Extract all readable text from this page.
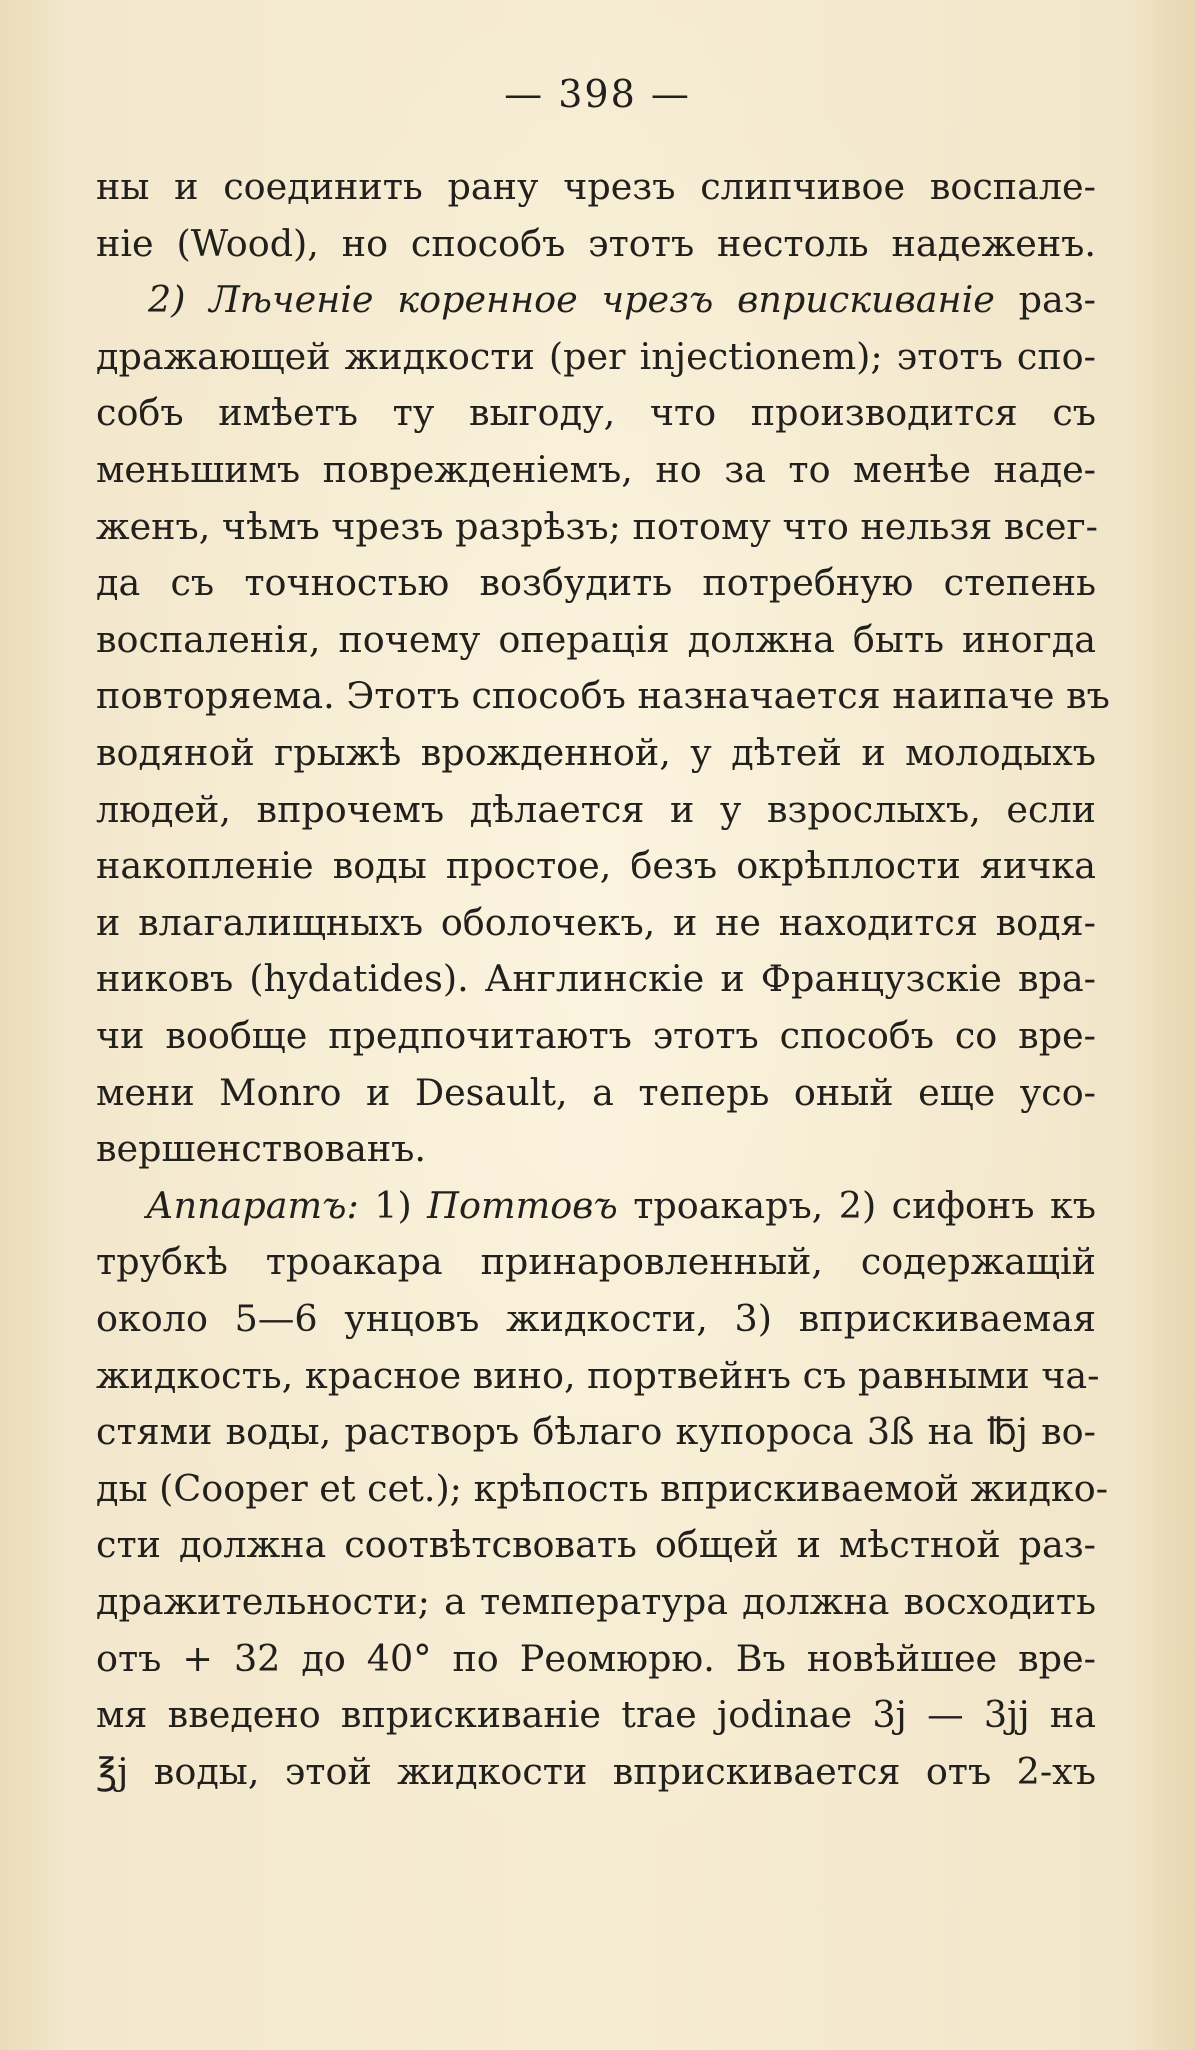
— 398 —
ны и соединить рану чрезъ слипчивое воспале-
ніе (Wood), но способъ этотъ нестоль надеженъ.
2) Лѣченіе коренное чрезъ вприскиваніе раз-
дражающей жидкости (per injectionem); этотъ спо-
собъ имѣетъ ту выгоду, что производится съ
меньшимъ поврежденіемъ, но за то менѣе наде-
женъ, чѣмъ чрезъ разрѣзъ; потому что нельзя всег-
да съ точностью возбудить потребную степень
воспаленія, почему операція должна быть иногда
повторяема. Этотъ способъ назначается наипаче въ
водяной грыжѣ врожденной, у дѣтей и молодыхъ
людей, впрочемъ дѣлается и у взрослыхъ, если
накопленіе воды простое, безъ окрѣплости яичка
и влагалищныхъ оболочекъ, и не находится водя-
никовъ (hydatides). Англинскіе и Французскіе вра-
чи вообще предпочитаютъ этотъ способъ со вре-
мени Monro и Desault, а теперь оный еще усо-
вершенствованъ.
Аппаратъ: 1) Поттовъ троакаръ, 2) сифонъ къ
трубкѣ троакара принаровленный, содержащій
около 5—6 унцовъ жидкости, 3) вприскиваемая
жидкость, красное вино, портвейнъ съ равными ча-
стями воды, растворъ бѣлаго купороса 3ß на ℔j во-
ды (Cooper et cet.); крѣпость вприскиваемой жидко-
сти должна соотвѣтсвовать общей и мѣстной раз-
дражительности; а температура должна восходить
отъ + 32 до 40° по Реомюрю. Въ новѣйшее вре-
мя введено вприскиваніе trae jodinae 3j — 3jj на
℥j воды, этой жидкости вприскивается отъ 2-хъ
